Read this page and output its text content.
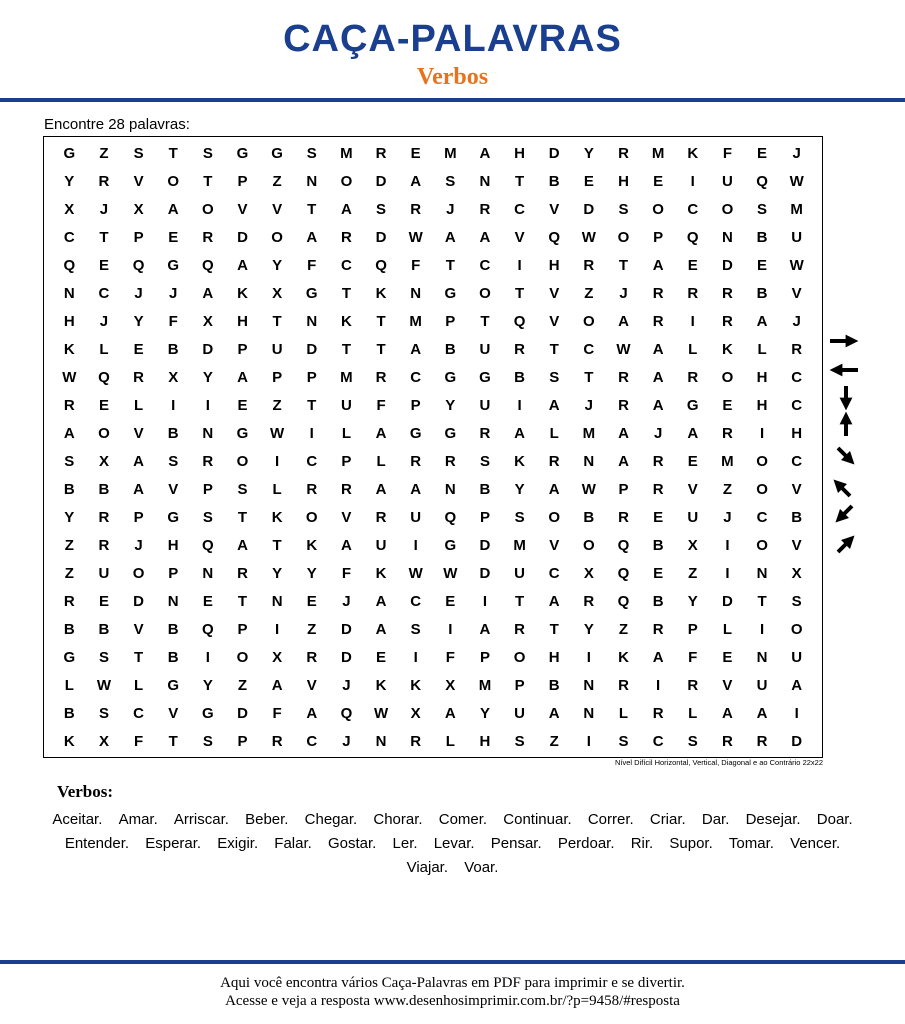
CAÇA-PALAVRAS
Verbos
Encontre 28 palavras:
G	Z	S	T	S	G	G	S	M	R	E	M	A	H	D	Y	R	M	K	F	E	J
Y	R	V	O	T	P	Z	N	O	D	A	S	N	T	B	E	H	E	I	U	Q	W
X	J	X	A	O	V	V	T	A	S	R	J	R	C	V	D	S	O	C	O	S	M
C	T	P	E	R	D	O	A	R	D	W	A	A	V	Q	W	O	P	Q	N	B	U
Q	E	Q	G	Q	A	Y	F	C	Q	F	T	C	I	H	R	T	A	E	D	E	W
N	C	J	J	A	K	X	G	T	K	N	G	O	T	V	Z	J	R	R	R	B	V
H	J	Y	F	X	H	T	N	K	T	M	P	T	Q	V	O	A	R	I	R	A	J
K	L	E	B	D	P	U	D	T	T	A	B	U	R	T	C	W	A	L	K	L	R
W	Q	R	X	Y	A	P	P	M	R	C	G	G	B	S	T	R	A	R	O	H	C
R	E	L	I	I	E	Z	T	U	F	P	Y	U	I	A	J	R	A	G	E	H	C
A	O	V	B	N	G	W	I	L	A	G	G	R	A	L	M	A	J	A	R	I	H
S	X	A	S	R	O	I	C	P	L	R	R	S	K	R	N	A	R	E	M	O	C
B	B	A	V	P	S	L	R	R	A	A	N	B	Y	A	W	P	R	V	Z	O	V
Y	R	P	G	S	T	K	O	V	R	U	Q	P	S	O	B	R	E	U	J	C	B
Z	R	J	H	Q	A	T	K	A	U	I	G	D	M	V	O	Q	B	X	I	O	V
Z	U	O	P	N	R	Y	Y	F	K	W	W	D	U	C	X	Q	E	Z	I	N	X
R	E	D	N	E	T	N	E	J	A	C	E	I	T	A	R	Q	B	Y	D	T	S
B	B	V	B	Q	P	I	Z	D	A	S	I	A	R	T	Y	Z	R	P	L	I	O
G	S	T	B	I	O	X	R	D	E	I	F	P	O	H	I	K	A	F	E	N	U
L	W	L	G	Y	Z	A	V	J	K	K	X	M	P	B	N	R	I	R	V	U	A
B	S	C	V	G	D	F	A	Q	W	X	A	Y	U	A	N	L	R	L	A	A	I
K	X	F	T	S	P	R	C	J	N	R	L	H	S	Z	I	S	C	S	R	R	D
Nível Difícil Horizontal, Vertical, Diagonal e ao Contrário 22x22
Verbos:
Aceitar. Amar. Arriscar. Beber. Chegar. Chorar. Comer. Continuar. Correr. Criar. Dar. Desejar. Doar. Entender. Esperar. Exigir. Falar. Gostar. Ler. Levar. Pensar. Perdoar. Rir. Supor. Tomar. Vencer. Viajar. Voar.
Aqui você encontra vários Caça-Palavras em PDF para imprimir e se divertir.
Acesse e veja a resposta www.desenhosimprimir.com.br/?p=9458/#resposta
